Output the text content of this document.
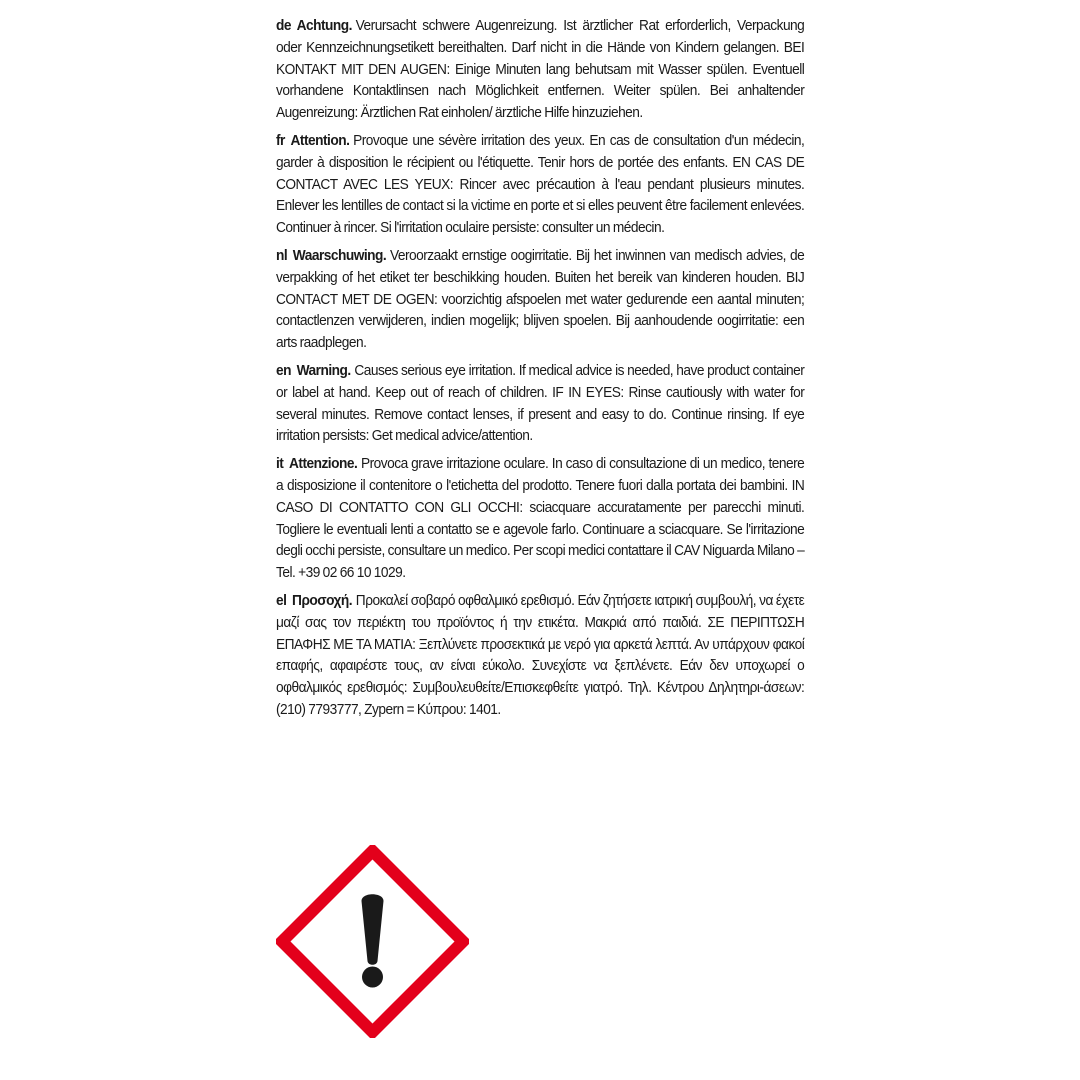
de Achtung. Verursacht schwere Augenreizung. Ist ärztlicher Rat erforderlich, Verpackung oder Kennzeichnungsetikett bereithalten. Darf nicht in die Hände von Kindern gelangen. BEI KONTAKT MIT DEN AUGEN: Einige Minuten lang behutsam mit Wasser spülen. Eventuell vorhandene Kontaktlinsen nach Möglichkeit entfernen. Weiter spülen. Bei anhaltender Augenreizung: Ärztlichen Rat einholen/ ärztliche Hilfe hinzuziehen.

fr Attention. Provoque une sévère irritation des yeux. En cas de consultation d'un médecin, garder à disposition le récipient ou l'étiquette. Tenir hors de portée des enfants. EN CAS DE CONTACT AVEC LES YEUX: Rincer avec précaution à l'eau pendant plusieurs minutes. Enlever les lentilles de contact si la victime en porte et si elles peuvent être facilement enlevées. Continuer à rincer. Si l'irritation oculaire persiste: consulter un médecin.

nl Waarschuwing. Veroorzaakt ernstige oogirritatie. Bij het inwinnen van medisch advies, de verpakking of het etiket ter beschikking houden. Buiten het bereik van kinderen houden. BIJ CONTACT MET DE OGEN: voorzichtig afspoelen met water gedurende een aantal minuten; contactlenzen verwijderen, indien mogelijk; blijven spoelen. Bij aanhoudende oogirritatie: een arts raadplegen.

en Warning. Causes serious eye irritation. If medical advice is needed, have product container or label at hand. Keep out of reach of children. IF IN EYES: Rinse cautiously with water for several minutes. Remove contact lenses, if present and easy to do. Continue rinsing. If eye irritation persists: Get medical advice/attention.

it Attenzione. Provoca grave irritazione oculare. In caso di consultazione di un medico, tenere a disposizione il contenitore o l'etichetta del prodotto. Tenere fuori dalla portata dei bambini. IN CASO DI CONTATTO CON GLI OCCHI: sciacquare accuratamente per parecchi minuti. Togliere le eventuali lenti a contatto se e agevole farlo. Continuare a sciacquare. Se l'irritazione degli occhi persiste, consultare un medico. Per scopi medici contattare il CAV Niguarda Milano – Tel. +39 02 66 10 1029.

el Προσοχή. Προκαλεί σοβαρό οφθαλμικό ερεθισμό. Εάν ζητήσετε ιατρική συμβουλή, να έχετε μαζί σας τον περιέκτη του προϊόντος ή την ετικέτα. Μακριά από παιδιά. ΣΕ ΠΕΡΙΠΤΩΣΗ ΕΠΑΦΗΣ ΜΕ ΤΑ ΜΑΤΙΑ: Ξεπλύνετε προσεκτικά με νερό για αρκετά λεπτά. Αν υπάρχουν φακοί επαφής, αφαιρέστε τους, αν είναι εύκολο. Συνεχίστε να ξεπλένετε. Εάν δεν υποχωρεί ο οφθαλμικός ερεθισμός: Συμβουλευθείτε/Επισκεφθείτε γιατρό. Τηλ. Κέντρου Δηλητηρι-άσεων: (210) 7793777, Zypern = Κύπρου: 1401.
